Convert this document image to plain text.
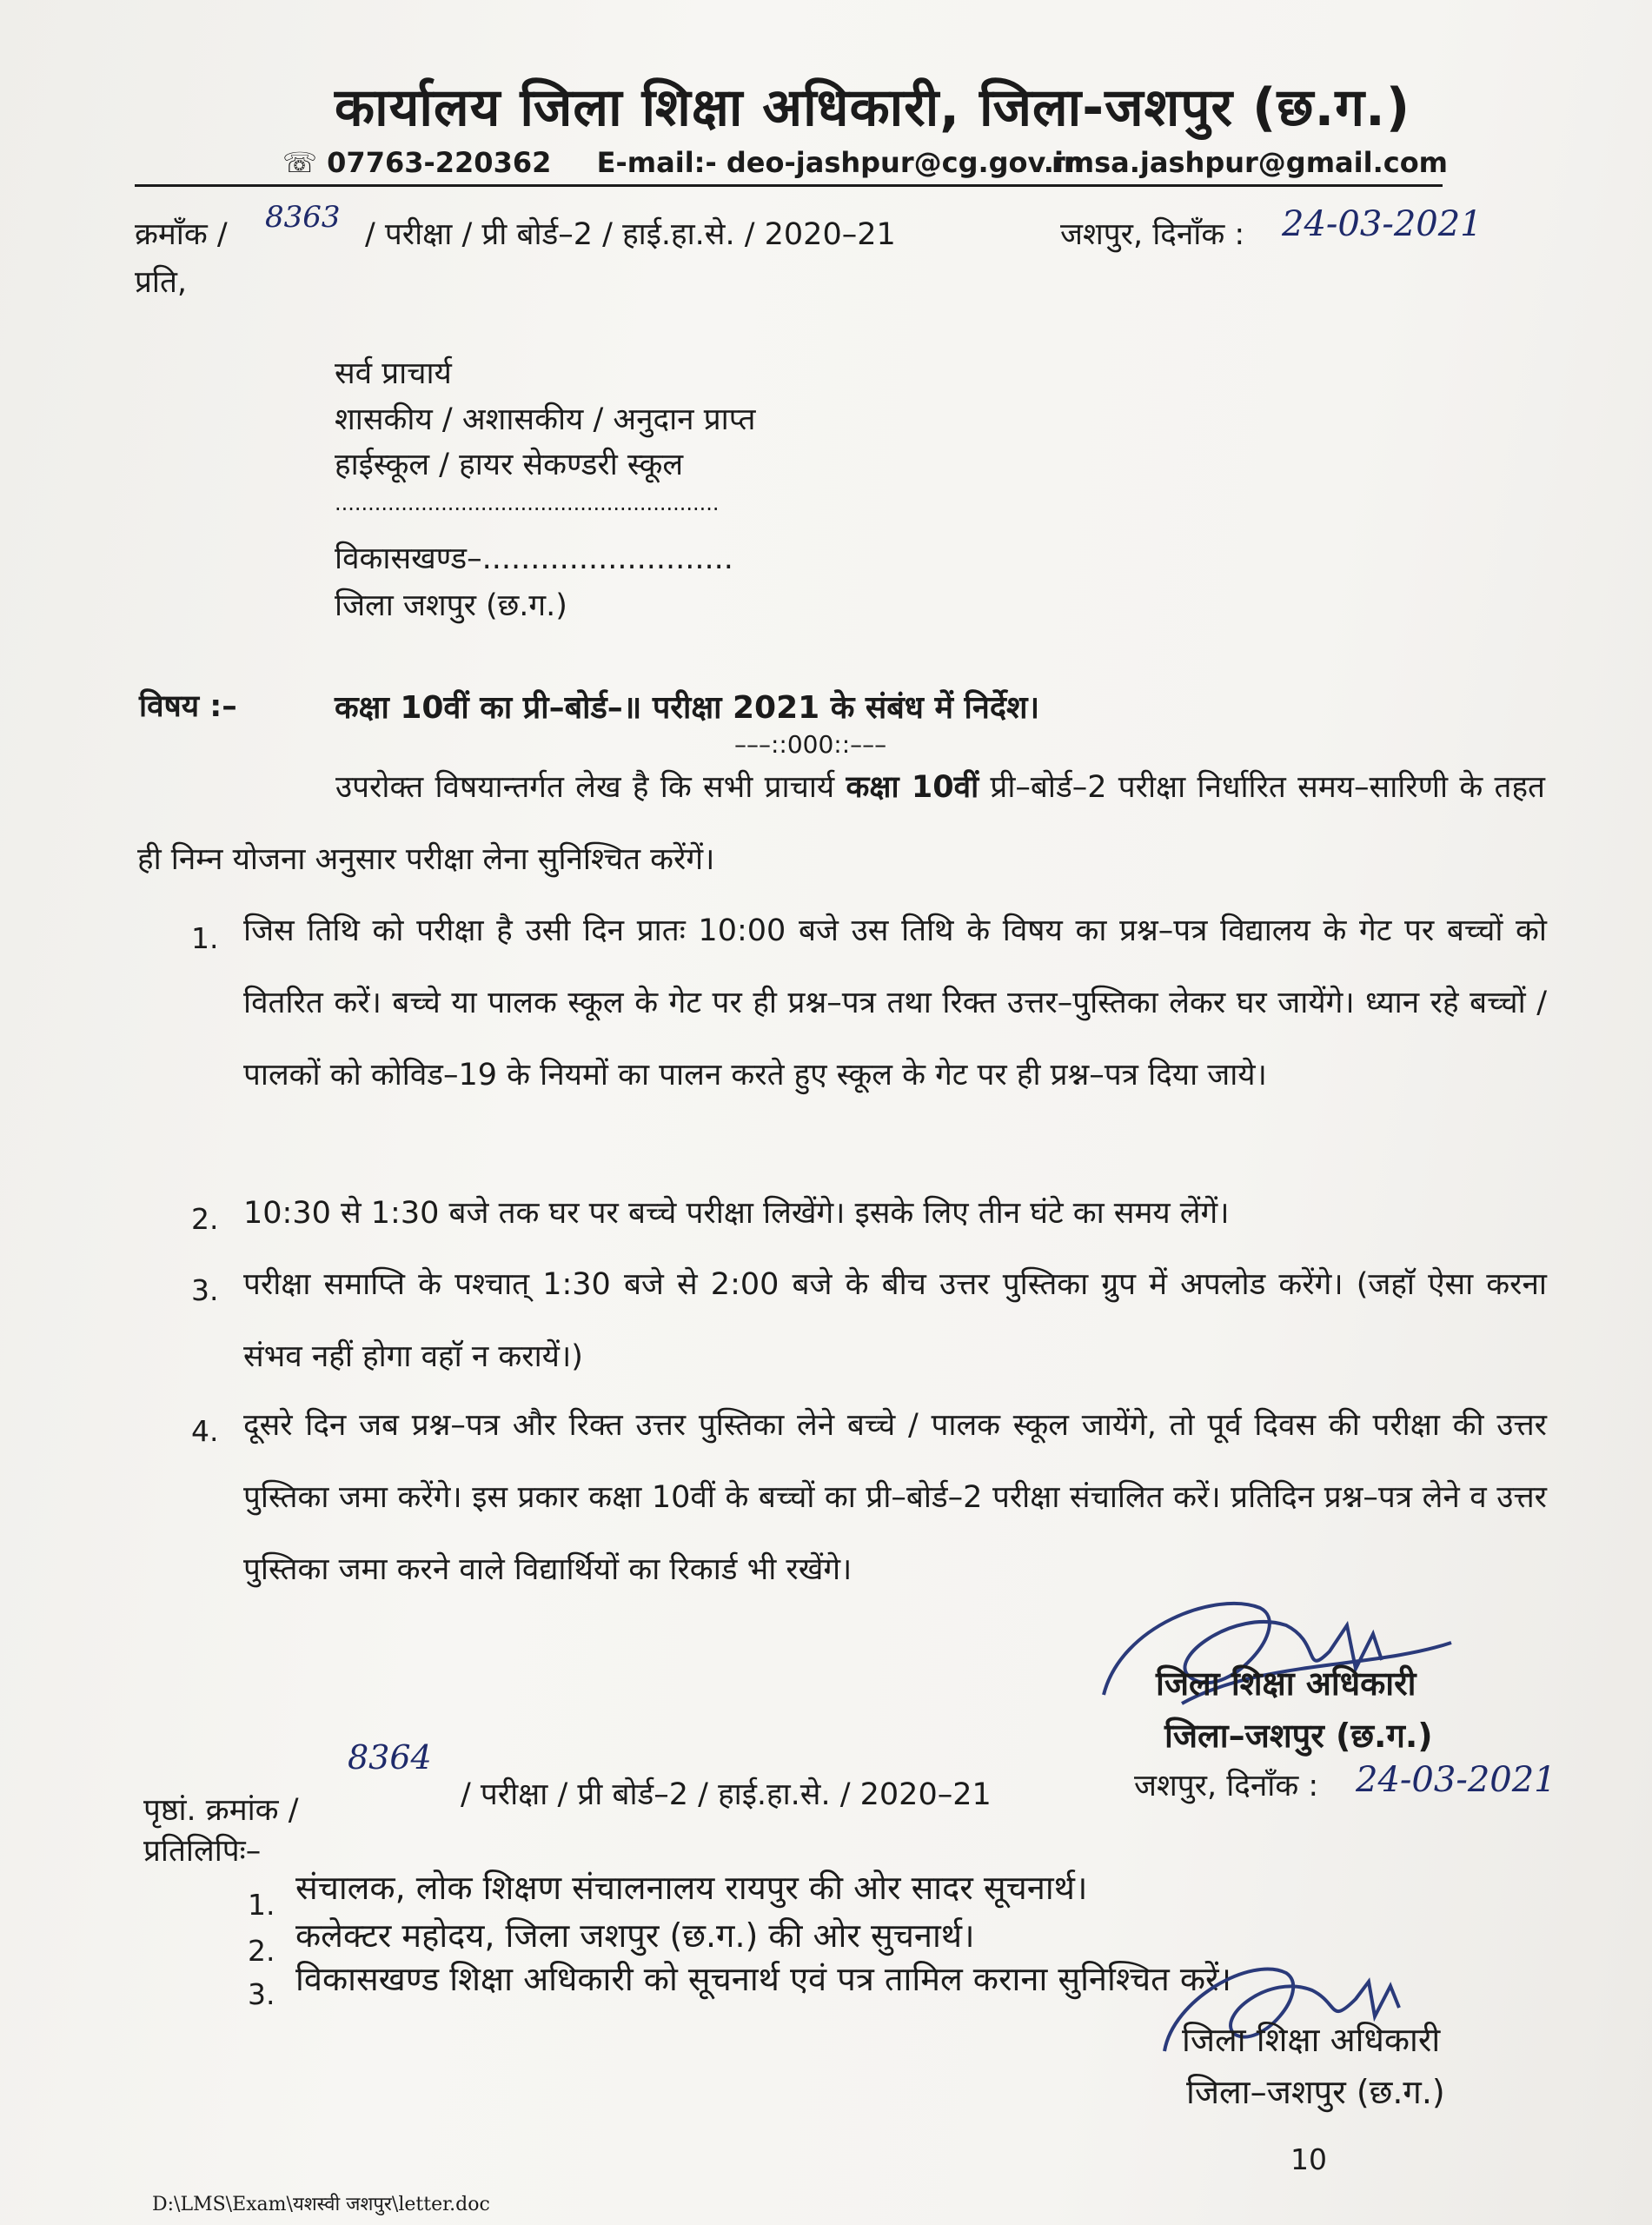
कार्यालय जिला शिक्षा अधिकारी, जिला-जशपुर (छ.ग.)
☏ 07763-220362 E-mail:- deo-jashpur@cg.gov.in
rmsa.jashpur@gmail.com
क्रमाँक / 8363 / परीक्षा / प्री बोर्ड–2 / हाई.हा.से. / 2020–21	जशपुर, दिनाँक : 24-03-2021
प्रति,
सर्व प्राचार्य
शासकीय / अशासकीय / अनुदान प्राप्त
हाईस्कूल / हायर सेकण्डरी स्कूल
..........................................................
विकासखण्ड–..........................
जिला जशपुर (छ.ग.)
विषय :–	कक्षा 10वीं का प्री–बोर्ड–॥ परीक्षा 2021 के संबंध में निर्देश।
–––::000::–––
उपरोक्त विषयान्तर्गत लेख है कि सभी प्राचार्य कक्षा 10वीं प्री–बोर्ड–2 परीक्षा निर्धारित समय–सारिणी के तहत ही निम्न योजना अनुसार परीक्षा लेना सुनिश्चित करेंगें।
1. जिस तिथि को परीक्षा है उसी दिन प्रातः 10:00 बजे उस तिथि के विषय का प्रश्न–पत्र विद्यालय के गेट पर बच्चों को वितरित करें। बच्चे या पालक स्कूल के गेट पर ही प्रश्न–पत्र तथा रिक्त उत्तर–पुस्तिका लेकर घर जायेंगे। ध्यान रहे बच्चों / पालकों को कोविड–19 के नियमों का पालन करते हुए स्कूल के गेट पर ही प्रश्न–पत्र दिया जाये।
2. 10:30 से 1:30 बजे तक घर पर बच्चे परीक्षा लिखेंगे। इसके लिए तीन घंटे का समय लेंगें।
3. परीक्षा समाप्ति के पश्चात् 1:30 बजे से 2:00 बजे के बीच उत्तर पुस्तिका ग्रुप में अपलोड करेंगे। (जहाॅ ऐसा करना संभव नहीं होगा वहाॅ न करायें।)
4. दूसरे दिन जब प्रश्न–पत्र और रिक्त उत्तर पुस्तिका लेने बच्चे / पालक स्कूल जायेंगे, तो पूर्व दिवस की परीक्षा की उत्तर पुस्तिका जमा करेंगे। इस प्रकार कक्षा 10वीं के बच्चों का प्री–बोर्ड–2 परीक्षा संचालित करें। प्रतिदिन प्रश्न–पत्र लेने व उत्तर पुस्तिका जमा करने वाले विद्यार्थियों का रिकार्ड भी रखेंगे।
जिला शिक्षा अधिकारी
जिला–जशपुर (छ.ग.)
पृष्ठां. क्रमांक /
8364
/ परीक्षा / प्री बोर्ड–2 / हाई.हा.से. / 2020–21	जशपुर, दिनाँक : 24-03-2021
प्रतिलिपिः–
1. संचालक, लोक शिक्षण संचालनालय रायपुर की ओर सादर सूचनार्थ।
2. कलेक्टर महोदय, जिला जशपुर (छ.ग.) की ओर सुचनार्थ।
3. विकासखण्ड शिक्षा अधिकारी को सूचनार्थ एवं पत्र तामिल कराना सुनिश्चित करें।
जिला शिक्षा अधिकारी
जिला–जशपुर (छ.ग.)
10
D:\LMS\Exam\यशस्वी जशपुर\letter.doc
